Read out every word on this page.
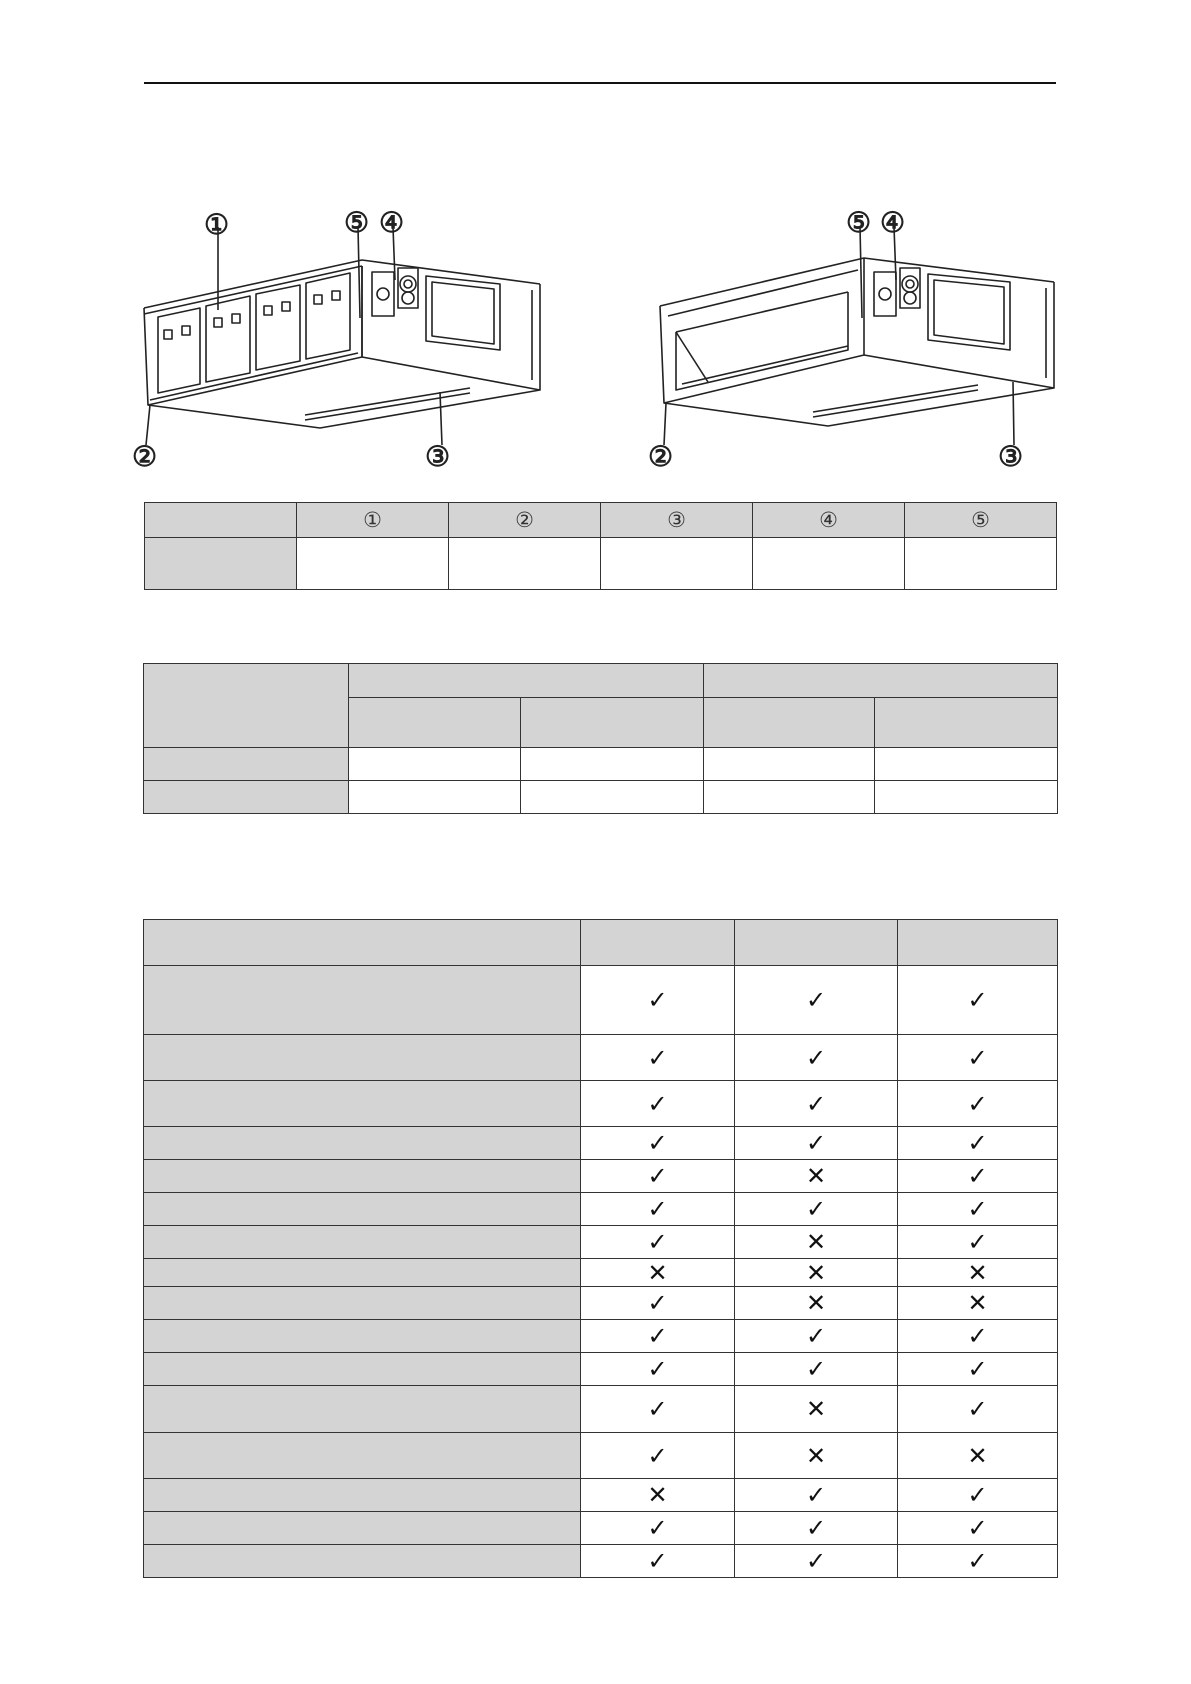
①	⑤ ④
②	③
⑤ ④
②	③
	①	②	③	④	⑤

	✓	✓	✓
	✓	✓	✓
	✓	✓	✓
	✓	✓	✓
	✓	✕	✓
	✓	✓	✓
	✓	✕	✓
	✕	✕	✕
	✓	✕	✕
	✓	✓	✓
	✓	✓	✓
	✓	✕	✓
	✓	✕	✕
	✕	✓	✓
	✓	✓	✓
	✓	✓	✓
